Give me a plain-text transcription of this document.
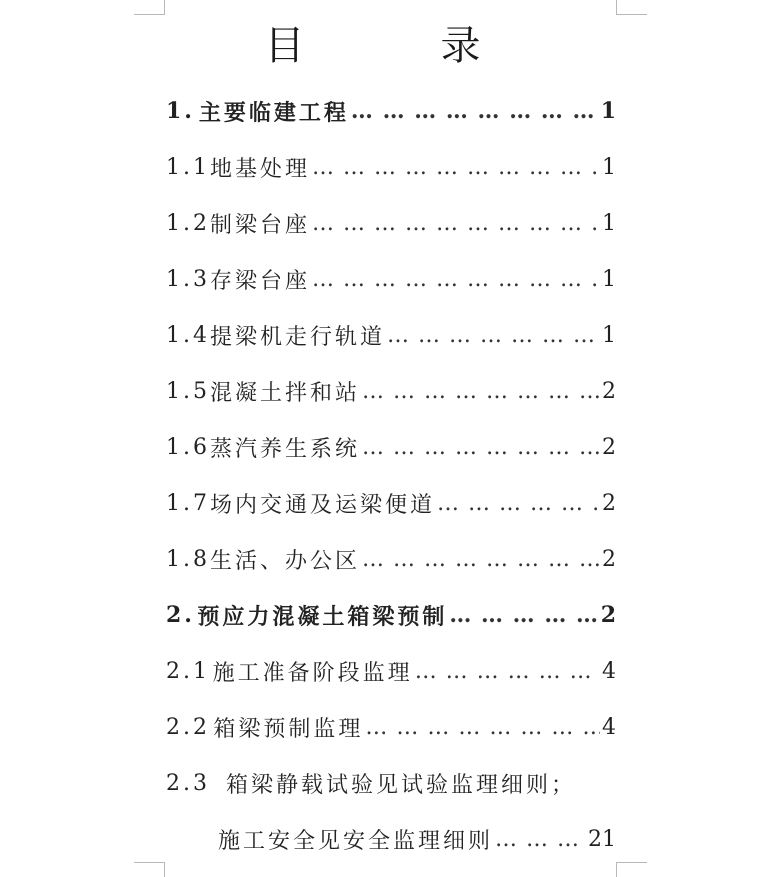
目　录
1. 主要临建工程 … … … … … … … … … … … … … … … … … … … … … … … … … … … … … … … … … … … …	1
1.1 地基处理 … … … … … … … … … … … … … … … … … … … … … … … … … … … … … … … … … … … …	1
1.2 制梁台座 … … … … … … … … … … … … … … … … … … … … … … … … … … … … … … … … … … … …	1
1.3 存梁台座 … … … … … … … … … … … … … … … … … … … … … … … … … … … … … … … … … … … …	1
1.4 提梁机走行轨道 … … … … … … … … … … … … … … … … … … … … … … … … … … … … … … … … … … … …	1
1.5 混凝土拌和站 … … … … … … … … … … … … … … … … … … … … … … … … … … … … … … … … … … … …	2
1.6 蒸汽养生系统 … … … … … … … … … … … … … … … … … … … … … … … … … … … … … … … … … … … …	2
1.7 场内交通及运梁便道 … … … … … … … … … … … … … … … … … … … … … … … … … … … … … … … … … … … …	2
1.8 生活、办公区 … … … … … … … … … … … … … … … … … … … … … … … … … … … … … … … … … … … …	2
2. 预应力混凝土箱梁预制 … … … … … … … … … … … … … … … … … … … … … … … … … … … … … … … … … … … …	2
2.1 施工准备阶段监理 … … … … … … … … … … … … … … … … … … … … … … … … … … … … … … … … … … … …	4
2.2 箱梁预制监理 … … … … … … … … … … … … … … … … … … … … … … … … … … … … … … … … … … … …	4
2.3 箱梁静载试验见试验监理细则；
施工安全见安全监理细则 … … … … … … … … … … … … … … … … … … … … … … … … … … … … … … … … … … … …	21
